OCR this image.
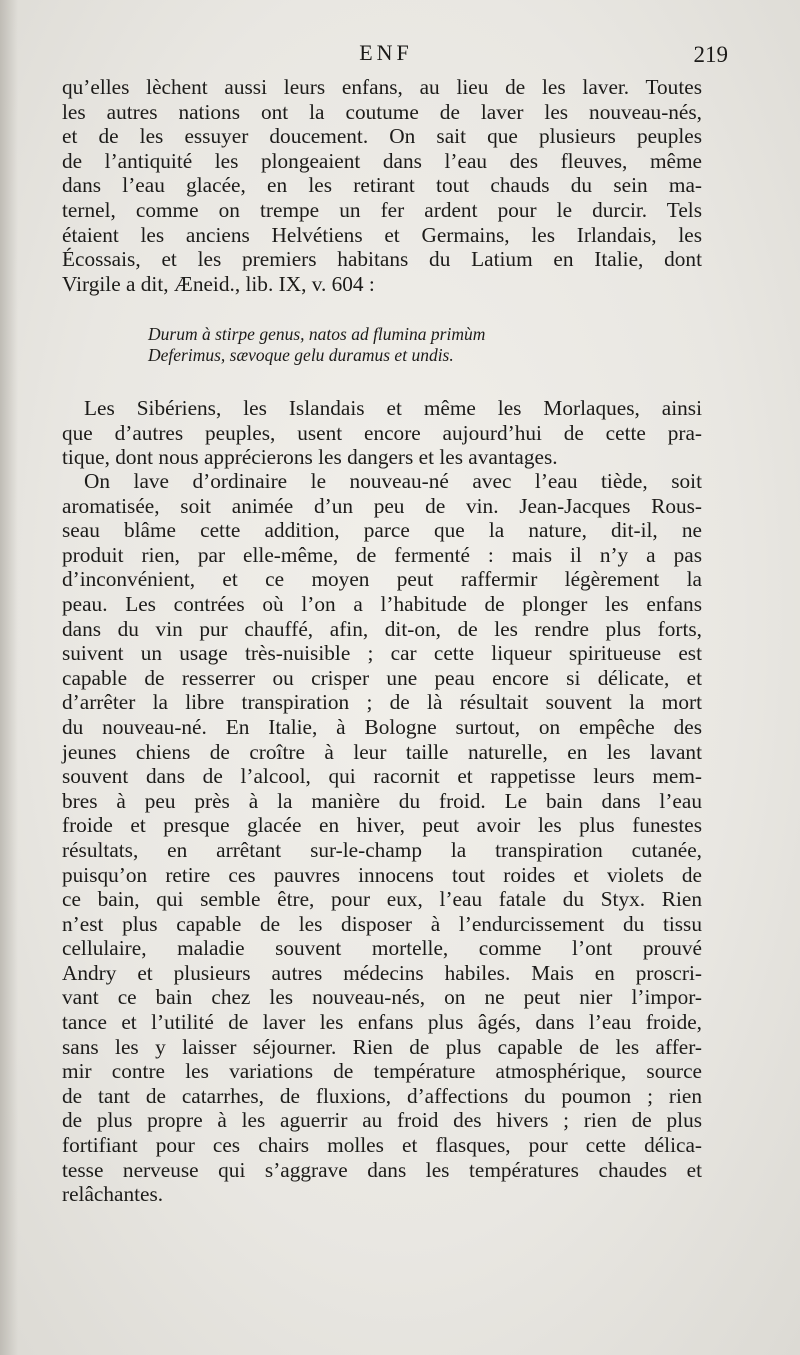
ENF	219
qu’elles lèchent aussi leurs enfans, au lieu de les laver. Toutes
les autres nations ont la coutume de laver les nouveau-nés,
et de les essuyer doucement. On sait que plusieurs peuples
de l’antiquité les plongeaient dans l’eau des fleuves, même
dans l’eau glacée, en les retirant tout chauds du sein ma-
ternel, comme on trempe un fer ardent pour le durcir. Tels
étaient les anciens Helvétiens et Germains, les Irlandais, les
Écossais, et les premiers habitans du Latium en Italie, dont
Virgile a dit, Æneid., lib. IX, v. 604 :
Durum à stirpe genus, natos ad flumina primùm
Deferimus, sævoque gelu duramus et undis.
Les Sibériens, les Islandais et même les Morlaques, ainsi
que d’autres peuples, usent encore aujourd’hui de cette pra-
tique, dont nous apprécierons les dangers et les avantages.
On lave d’ordinaire le nouveau-né avec l’eau tiède, soit
aromatisée, soit animée d’un peu de vin. Jean-Jacques Rous-
seau blâme cette addition, parce que la nature, dit-il, ne
produit rien, par elle-même, de fermenté : mais il n’y a pas
d’inconvénient, et ce moyen peut raffermir légèrement la
peau. Les contrées où l’on a l’habitude de plonger les enfans
dans du vin pur chauffé, afin, dit-on, de les rendre plus forts,
suivent un usage très-nuisible ; car cette liqueur spiritueuse est
capable de resserrer ou crisper une peau encore si délicate, et
d’arrêter la libre transpiration ; de là résultait souvent la mort
du nouveau-né. En Italie, à Bologne surtout, on empêche des
jeunes chiens de croître à leur taille naturelle, en les lavant
souvent dans de l’alcool, qui racornit et rappetisse leurs mem-
bres à peu près à la manière du froid. Le bain dans l’eau
froide et presque glacée en hiver, peut avoir les plus funestes
résultats, en arrêtant sur-le-champ la transpiration cutanée,
puisqu’on retire ces pauvres innocens tout roides et violets de
ce bain, qui semble être, pour eux, l’eau fatale du Styx. Rien
n’est plus capable de les disposer à l’endurcissement du tissu
cellulaire, maladie souvent mortelle, comme l’ont prouvé
Andry et plusieurs autres médecins habiles. Mais en proscri-
vant ce bain chez les nouveau-nés, on ne peut nier l’impor-
tance et l’utilité de laver les enfans plus âgés, dans l’eau froide,
sans les y laisser séjourner. Rien de plus capable de les affer-
mir contre les variations de température atmosphérique, source
de tant de catarrhes, de fluxions, d’affections du poumon ; rien
de plus propre à les aguerrir au froid des hivers ; rien de plus
fortifiant pour ces chairs molles et flasques, pour cette délica-
tesse nerveuse qui s’aggrave dans les températures chaudes et
relâchantes.
